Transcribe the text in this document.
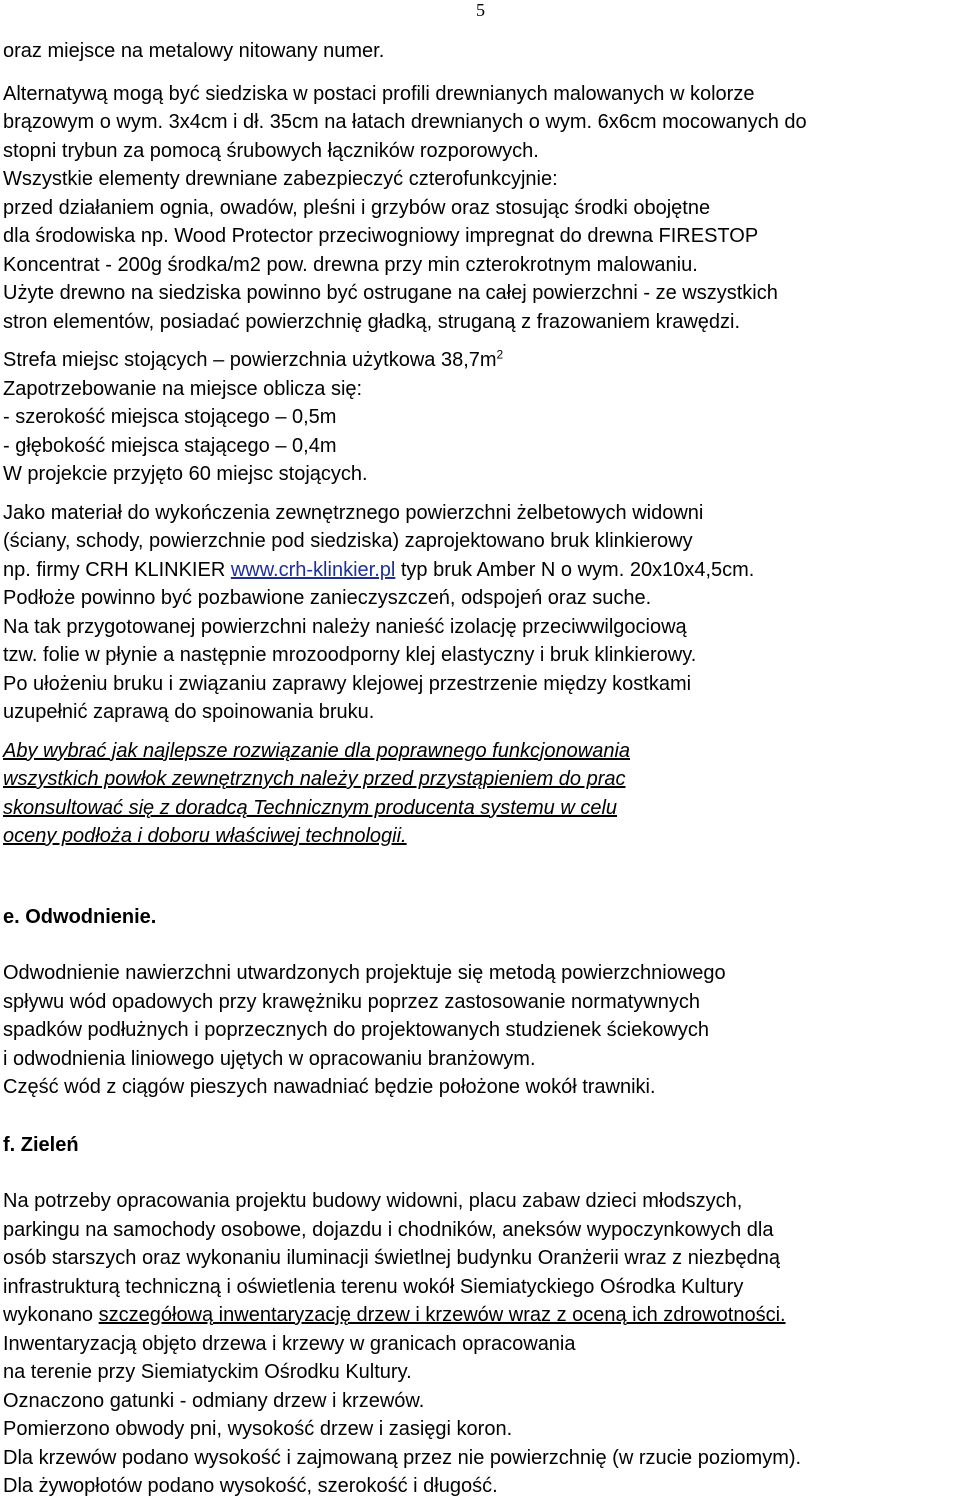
5

oraz miejsce na metalowy nitowany numer.

Alternatywą mogą być siedziska w postaci profili drewnianych malowanych w kolorze

brązowym o wym. 3x4cm i dł. 35cm na łatach drewnianych o wym. 6x6cm mocowanych do

stopni trybun za pomocą śrubowych łączników rozporowych.

Wszystkie elementy drewniane zabezpieczyć czterofunkcyjnie:

przed działaniem ognia, owadów, pleśni i grzybów oraz stosując środki obojętne

dla środowiska np. Wood Protector przeciwogniowy impregnat do drewna FIRESTOP

Koncentrat - 200g środka/m2 pow. drewna przy min czterokrotnym malowaniu.

Użyte drewno na siedziska powinno być ostrugane na całej powierzchni - ze wszystkich

stron elementów, posiadać powierzchnię gładką, struganą z frazowaniem krawędzi.

Strefa miejsc stojących – powierzchnia użytkowa $38,7m^2$

Zapotrzebowanie na miejsce oblicza się:

- szerokość miejsca stojącego – 0,5m

- głębokość miejsca stającego – 0,4m

W projekcie przyjęto 60 miejsc stojących.

Jako materiał do wykończenia zewnętrznego powierzchni żelbetowych widowni

(ściany, schody, powierzchnie pod siedziska) zaprojektowano bruk klinkierowy

np. firmy CRH KLINKIER www.crh-klinkier.pl typ bruk Amber N o wym. 20x10x4,5cm.

Podłoże powinno być pozbawione zanieczyszczeń, odspojeń oraz suche.

Na tak przygotowanej powierzchni należy nanieść izolację przeciwwilgociową

tzw. folie w płynie a następnie mrozoodporny klej elastyczny i bruk klinkierowy.

Po ułożeniu bruku i związaniu zaprawy klejowej przestrzenie między kostkami

uzupełnić zaprawą do spoinowania bruku.

Aby wybrać jak najlepsze rozwiązanie dla poprawnego funkcjonowania

wszystkich powłok zewnętrznych należy przed przystąpieniem do prac

skonsultować się z doradcą Technicznym producenta systemu w celu

oceny podłoża i doboru właściwej technologii.

e. Odwodnienie.

Odwodnienie nawierzchni utwardzonych projektuje się metodą powierzchniowego

spływu wód opadowych przy krawężniku poprzez zastosowanie normatywnych

spadków podłużnych i poprzecznych do projektowanych studzienek ściekowych

i odwodnienia liniowego ujętych w opracowaniu branżowym.

Część wód z ciągów pieszych nawadniać będzie położone wokół trawniki.

f. Zieleń

Na potrzeby opracowania projektu budowy widowni, placu zabaw dzieci młodszych,

parkingu na samochody osobowe, dojazdu i chodników, aneksów wypoczynkowych dla

osób starszych oraz wykonaniu iluminacji świetlnej budynku Oranżerii wraz z niezbędną

infrastrukturą techniczną i oświetlenia terenu wokół Siemiatyckiego Ośrodka Kultury

wykonano szczegółową inwentaryzację drzew i krzewów wraz z oceną ich zdrowotności.

Inwentaryzacją objęto drzewa i krzewy w granicach opracowania

na terenie przy Siemiatyckim Ośrodku Kultury.

Oznaczono gatunki - odmiany drzew i krzewów.

Pomierzono obwody pni, wysokość drzew i zasięgi koron.

Dla krzewów podano wysokość i zajmowaną przez nie powierzchnię (w rzucie poziomym).

Dla żywopłotów podano wysokość, szerokość i długość.
